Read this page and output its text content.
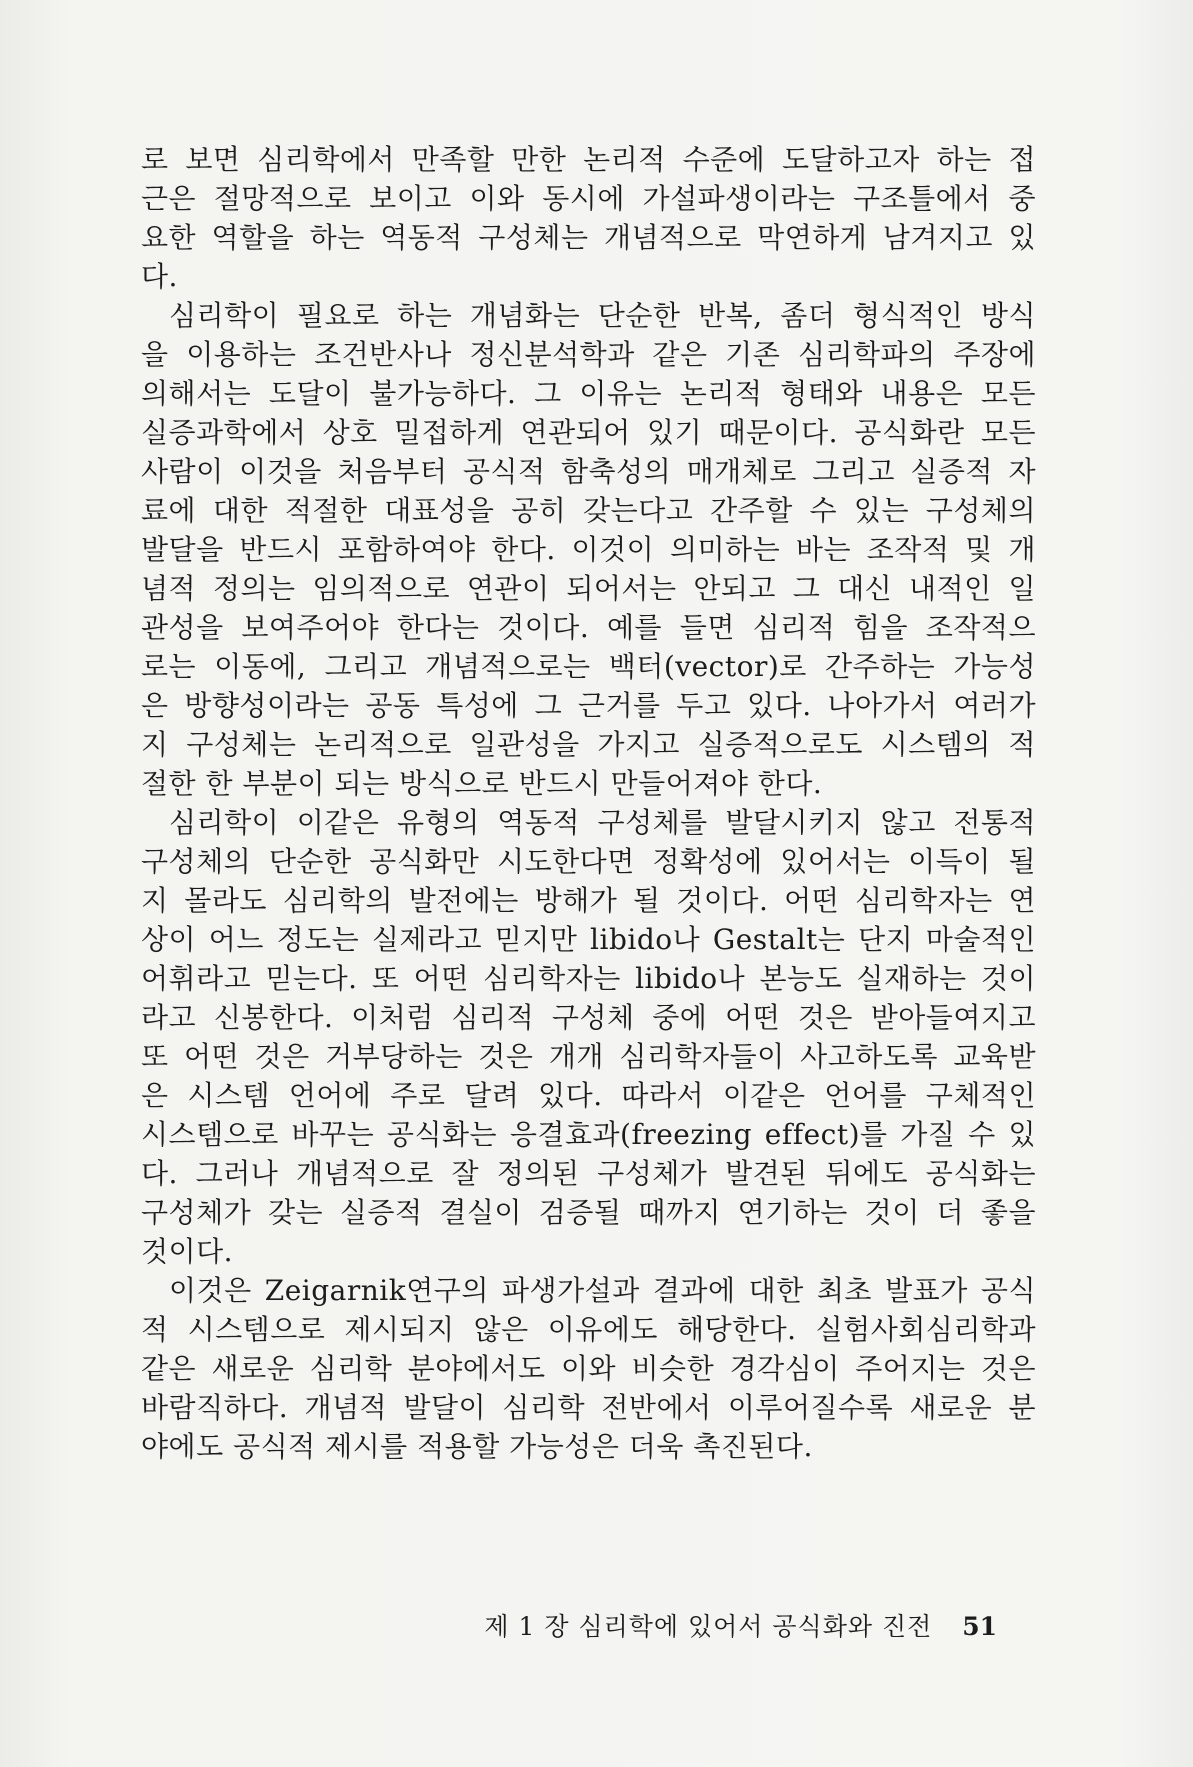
로 보면 심리학에서 만족할 만한 논리적 수준에 도달하고자 하는 접
근은 절망적으로 보이고 이와 동시에 가설파생이라는 구조틀에서 중
요한 역할을 하는 역동적 구성체는 개념적으로 막연하게 남겨지고 있
다.
심리학이 필요로 하는 개념화는 단순한 반복, 좀더 형식적인 방식
을 이용하는 조건반사나 정신분석학과 같은 기존 심리학파의 주장에
의해서는 도달이 불가능하다. 그 이유는 논리적 형태와 내용은 모든
실증과학에서 상호 밀접하게 연관되어 있기 때문이다. 공식화란 모든
사람이 이것을 처음부터 공식적 함축성의 매개체로 그리고 실증적 자
료에 대한 적절한 대표성을 공히 갖는다고 간주할 수 있는 구성체의
발달을 반드시 포함하여야 한다. 이것이 의미하는 바는 조작적 및 개
념적 정의는 임의적으로 연관이 되어서는 안되고 그 대신 내적인 일
관성을 보여주어야 한다는 것이다. 예를 들면 심리적 힘을 조작적으
로는 이동에, 그리고 개념적으로는 백터(vector)로 간주하는 가능성
은 방향성이라는 공동 특성에 그 근거를 두고 있다. 나아가서 여러가
지 구성체는 논리적으로 일관성을 가지고 실증적으로도 시스템의 적
절한 한 부분이 되는 방식으로 반드시 만들어져야 한다.
심리학이 이같은 유형의 역동적 구성체를 발달시키지 않고 전통적
구성체의 단순한 공식화만 시도한다면 정확성에 있어서는 이득이 될
지 몰라도 심리학의 발전에는 방해가 될 것이다. 어떤 심리학자는 연
상이 어느 정도는 실제라고 믿지만 libido나 Gestalt는 단지 마술적인
어휘라고 믿는다. 또 어떤 심리학자는 libido나 본능도 실재하는 것이
라고 신봉한다. 이처럼 심리적 구성체 중에 어떤 것은 받아들여지고
또 어떤 것은 거부당하는 것은 개개 심리학자들이 사고하도록 교육받
은 시스템 언어에 주로 달려 있다. 따라서 이같은 언어를 구체적인
시스템으로 바꾸는 공식화는 응결효과(freezing effect)를 가질 수 있
다. 그러나 개념적으로 잘 정의된 구성체가 발견된 뒤에도 공식화는
구성체가 갖는 실증적 결실이 검증될 때까지 연기하는 것이 더 좋을
것이다.
이것은 Zeigarnik연구의 파생가설과 결과에 대한 최초 발표가 공식
적 시스템으로 제시되지 않은 이유에도 해당한다. 실험사회심리학과
같은 새로운 심리학 분야에서도 이와 비슷한 경각심이 주어지는 것은
바람직하다. 개념적 발달이 심리학 전반에서 이루어질수록 새로운 분
야에도 공식적 제시를 적용할 가능성은 더욱 촉진된다.
제 1 장 심리학에 있어서 공식화와 진전 51
